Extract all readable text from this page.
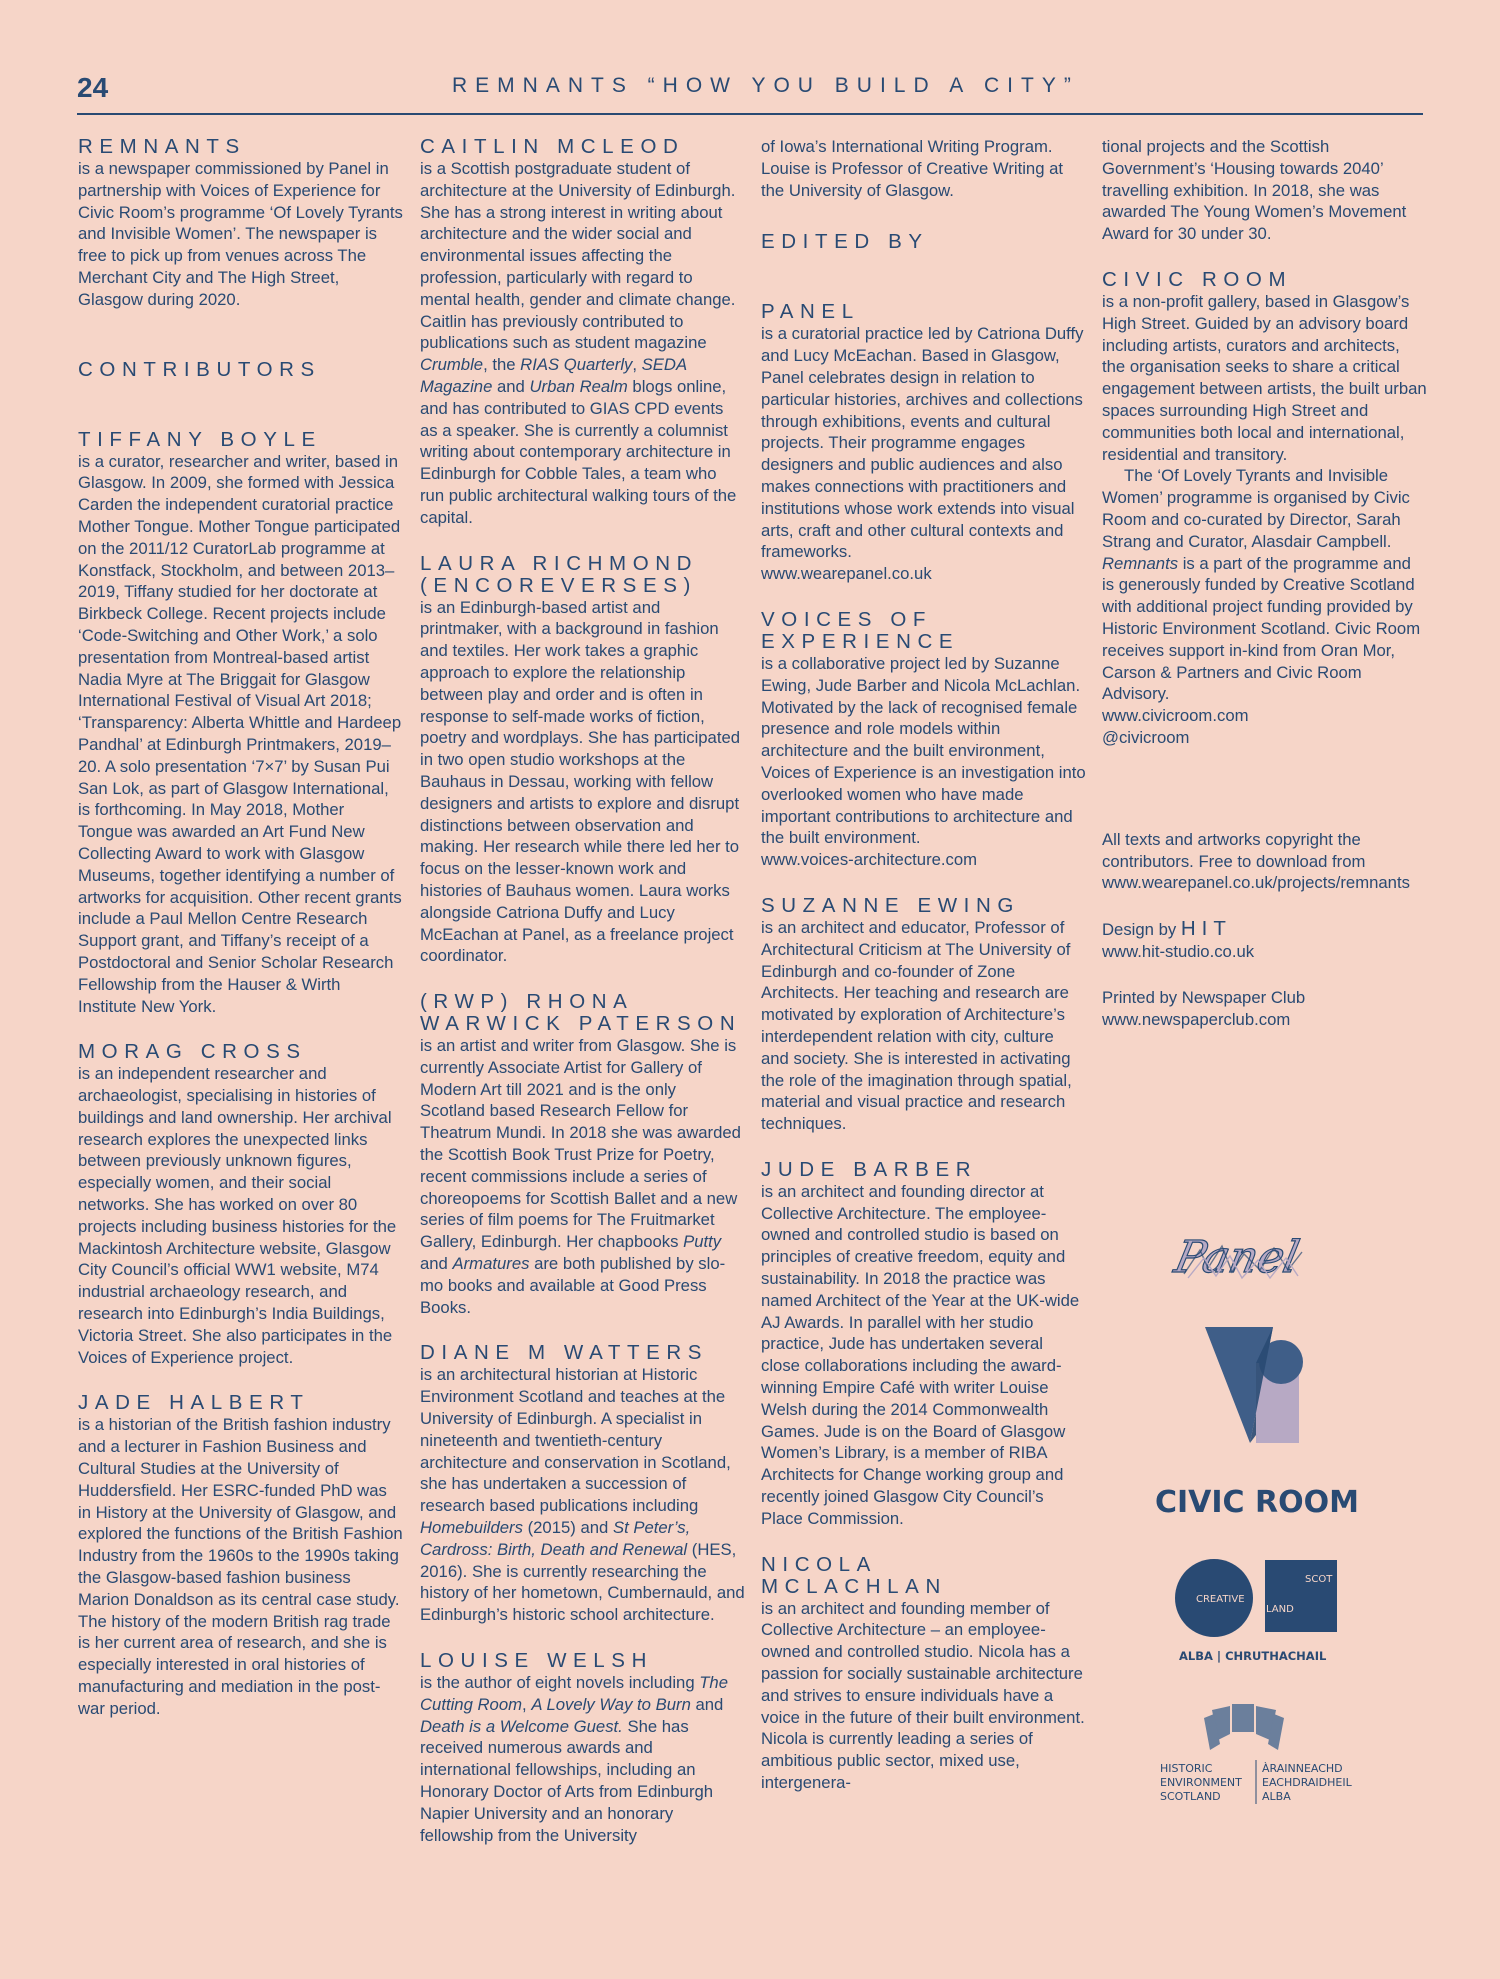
24	REMNANTS “HOW YOU BUILD A CITY”
REMNANTS

is a newspaper commissioned by Panel in partnership with Voices of Experience for Civic Room’s programme ‘Of Lovely Tyrants and Invisible Women’. The newspaper is free to pick up from venues across The Merchant City and The High Street, Glasgow during 2020.

CONTRIBUTORS
TIFFANY BOYLE

is a curator, researcher and writer, based in Glasgow. In 2009, she formed with Jessica Carden the independent curatorial practice Mother Tongue. Mother Tongue participated on the 2011/12 CuratorLab programme at Konstfack, Stockholm, and between 2013–2019, Tiffany studied for her doctorate at Birkbeck College. Recent projects include ‘Code-Switching and Other Work,’ a solo presentation from Montreal-based artist Nadia Myre at The Briggait for Glasgow International Festival of Visual Art 2018; ‘Transparency: Alberta Whittle and Hardeep Pandhal’ at Edinburgh Printmakers, 2019–20. A solo presentation ‘7×7’ by Susan Pui San Lok, as part of Glasgow International, is forthcoming. In May 2018, Mother Tongue was awarded an Art Fund New Collecting Award to work with Glasgow Museums, together identifying a number of artworks for acquisition. Other recent grants include a Paul Mellon Centre Research Support grant, and Tiffany’s receipt of a Postdoctoral and Senior Scholar Research Fellowship from the Hauser & Wirth Institute New York.

MORAG CROSS

is an independent researcher and archaeologist, specialising in histories of buildings and land ownership. Her archival research explores the unexpected links between previously unknown figures, especially women, and their social networks. She has worked on over 80 projects including business histories for the Mackintosh Architecture website, Glasgow City Council’s official WW1 website, M74 industrial archaeology research, and research into Edinburgh’s India Buildings, Victoria Street. She also participates in the Voices of Experience project.

JADE HALBERT

is a historian of the British fashion industry and a lecturer in Fashion Business and Cultural Studies at the University of Huddersfield. Her ESRC-funded PhD was in History at the University of Glasgow, and explored the functions of the British Fashion Industry from the 1960s to the 1990s taking the Glasgow-based fashion business Marion Donaldson as its central case study. The history of the modern British rag trade is her current area of research, and she is especially interested in oral histories of manufacturing and mediation in the post-war period.

CAITLIN MCLEOD

is a Scottish postgraduate student of architecture at the University of Edinburgh. She has a strong interest in writing about architecture and the wider social and environmental issues affecting the profession, particularly with regard to mental health, gender and climate change. Caitlin has previously contributed to publications such as student magazine Crumble, the RIAS Quarterly, SEDA Magazine and Urban Realm blogs online, and has contributed to GIAS CPD events as a speaker. She is currently a columnist writing about contemporary architecture in Edinburgh for Cobble Tales, a team who run public architectural walking tours of the capital.

LAURA RICHMOND
(ENCOREVERSES)

is an Edinburgh-based artist and printmaker, with a background in fashion and textiles. Her work takes a graphic approach to explore the relationship between play and order and is often in response to self-made works of fiction, poetry and wordplays. She has participated in two open studio workshops at the Bauhaus in Dessau, working with fellow designers and artists to explore and disrupt distinctions between observation and making. Her research while there led her to focus on the lesser-known work and histories of Bauhaus women. Laura works alongside Catriona Duffy and Lucy McEachan at Panel, as a freelance project coordinator.

(RWP) RHONA
WARWICK PATERSON

is an artist and writer from Glasgow. She is currently Associate Artist for Gallery of Modern Art till 2021 and is the only Scotland based Research Fellow for Theatrum Mundi. In 2018 she was awarded the Scottish Book Trust Prize for Poetry, recent commissions include a series of choreopoems for Scottish Ballet and a new series of film poems for The Fruitmarket Gallery, Edinburgh. Her chapbooks Putty and Armatures are both published by slo-mo books and available at Good Press Books.

DIANE M WATTERS

is an architectural historian at Historic Environment Scotland and teaches at the University of Edinburgh. A specialist in nineteenth and twentieth-century architecture and conservation in Scotland, she has undertaken a succession of research based publications including Homebuilders (2015) and St Peter’s, Cardross: Birth, Death and Renewal (HES, 2016). She is currently researching the history of her hometown, Cumbernauld, and Edinburgh’s historic school architecture.

LOUISE WELSH

is the author of eight novels including The Cutting Room, A Lovely Way to Burn and Death is a Welcome Guest. She has received numerous awards and international fellowships, including an Honorary Doctor of Arts from Edinburgh Napier University and an honorary fellowship from the University

of Iowa’s International Writing Program. Louise is Professor of Creative Writing at the University of Glasgow.

EDITED BY
PANEL

is a curatorial practice led by Catriona Duffy and Lucy McEachan. Based in Glasgow, Panel celebrates design in relation to particular histories, archives and collections through exhibitions, events and cultural projects. Their programme engages designers and public audiences and also makes connections with practitioners and institutions whose work extends into visual arts, craft and other cultural contexts and frameworks.

www.wearepanel.co.uk

VOICES OF
EXPERIENCE

is a collaborative project led by Suzanne Ewing, Jude Barber and Nicola McLachlan. Motivated by the lack of recognised female presence and role models within architecture and the built environment, Voices of Experience is an investigation into overlooked women who have made important contributions to architecture and the built environment.

www.voices-architecture.com

SUZANNE EWING

is an architect and educator, Professor of Architectural Criticism at The University of Edinburgh and co-founder of Zone Architects. Her teaching and research are motivated by exploration of Architecture’s interdependent relation with city, culture and society. She is interested in activating the role of the imagination through spatial, material and visual practice and research techniques.

JUDE BARBER

is an architect and founding director at Collective Architecture. The employee-owned and controlled studio is based on principles of creative freedom, equity and sustainability. In 2018 the practice was named Architect of the Year at the UK-wide AJ Awards. In parallel with her studio practice, Jude has undertaken several close collaborations including the award-winning Empire Café with writer Louise Welsh during the 2014 Commonwealth Games. Jude is on the Board of Glasgow Women’s Library, is a member of RIBA Architects for Change working group and recently joined Glasgow City Council’s Place Commission.

NICOLA
MCLACHLAN

is an architect and founding member of Collective Architecture – an employee-owned and controlled studio. Nicola has a passion for socially sustainable architecture and strives to ensure individuals have a voice in the future of their built environment. Nicola is currently leading a series of ambitious public sector, mixed use, intergenera-

tional projects and the Scottish Government’s ‘Housing towards 2040’ travelling exhibition. In 2018, she was awarded The Young Women’s Movement Award for 30 under 30.

CIVIC ROOM

is a non-profit gallery, based in Glasgow’s High Street. Guided by an advisory board including artists, curators and architects, the organisation seeks to share a critical engagement between artists, the built urban spaces surrounding High Street and communities both local and international, residential and transitory.

The ‘Of Lovely Tyrants and Invisible Women’ programme is organised by Civic Room and co-curated by Director, Sarah Strang and Curator, Alasdair Campbell. Remnants is a part of the programme and is generously funded by Creative Scotland with additional project funding provided by Historic Environment Scotland. Civic Room receives support in-kind from Oran Mor, Carson & Partners and Civic Room Advisory.

www.civicroom.com

@civicroom

All texts and artworks copyright the contributors. Free to download from

www.wearepanel.co.uk/projects/remnants

Design by HIT

www.hit-studio.co.uk

Printed by Newspaper Club

www.newspaperclub.com

Panel
CIVIC ROOM
CREATIVE
SCOT
LAND
ALBA | CHRUTHACHAIL
HISTORIC
ENVIRONMENT
SCOTLAND
ÀRAINNEACHD
EACHDRAIDHEIL
ALBA
